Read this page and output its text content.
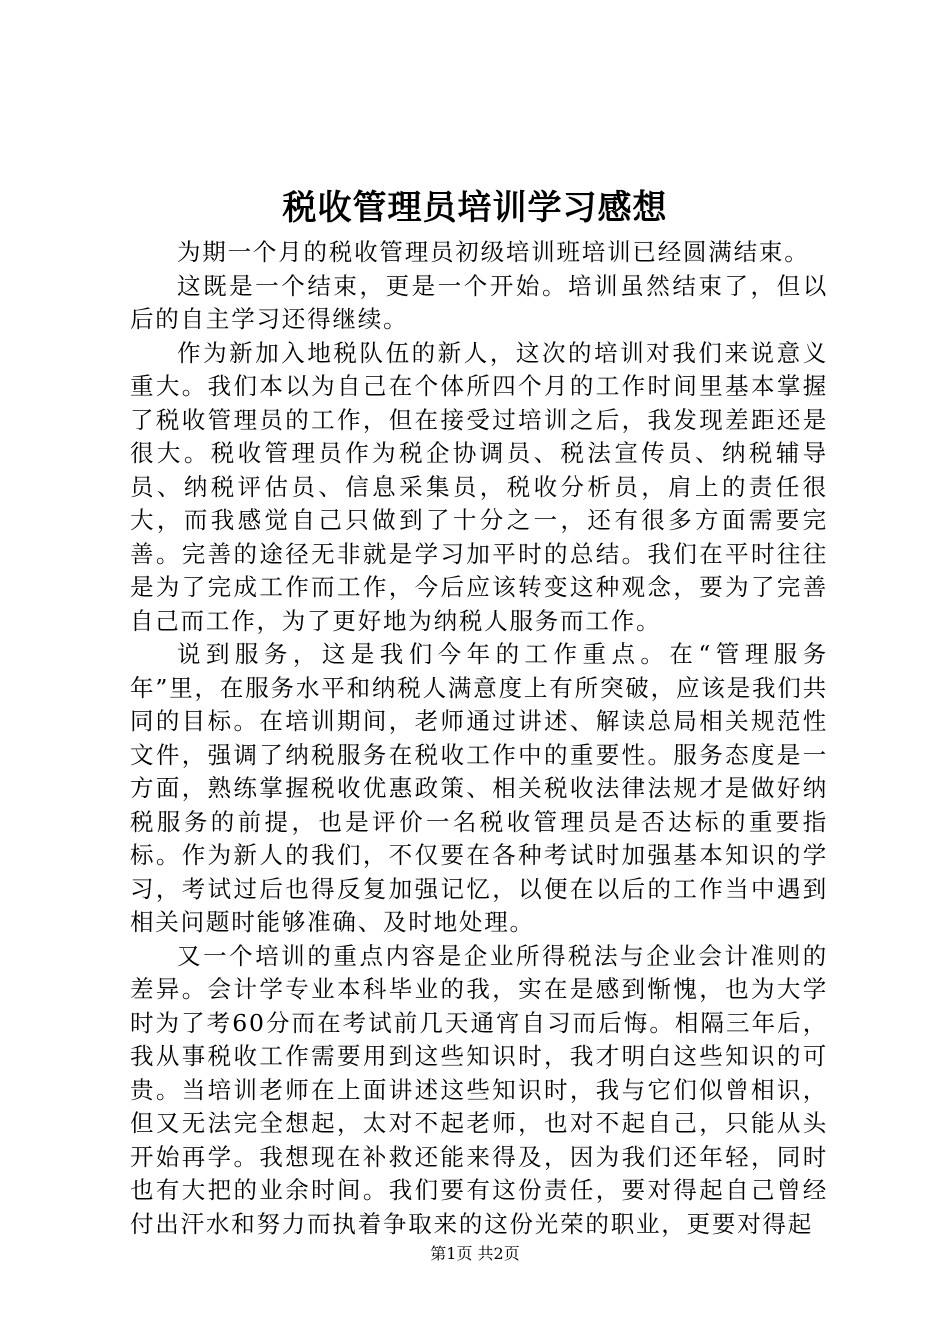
税收管理员培训学习感想

为期一个月的税收管理员初级培训班培训已经圆满结束。

这既是一个结束，更是一个开始。培训虽然结束了，但以后的自主学习还得继续。

作为新加入地税队伍的新人，这次的培训对我们来说意义重大。我们本以为自己在个体所四个月的工作时间里基本掌握了税收管理员的工作，但在接受过培训之后，我发现差距还是很大。税收管理员作为税企协调员、税法宣传员、纳税辅导员、纳税评估员、信息采集员，税收分析员，肩上的责任很大，而我感觉自己只做到了十分之一，还有很多方面需要完善。完善的途径无非就是学习加平时的总结。我们在平时往往是为了完成工作而工作，今后应该转变这种观念，要为了完善自己而工作，为了更好地为纳税人服务而工作。

说到服务，这是我们今年的工作重点。在“管理服务年”里，在服务水平和纳税人满意度上有所突破，应该是我们共同的目标。在培训期间，老师通过讲述、解读总局相关规范性文件，强调了纳税服务在税收工作中的重要性。服务态度是一方面，熟练掌握税收优惠政策、相关税收法律法规才是做好纳税服务的前提，也是评价一名税收管理员是否达标的重要指标。作为新人的我们，不仅要在各种考试时加强基本知识的学习，考试过后也得反复加强记忆，以便在以后的工作当中遇到相关问题时能够准确、及时地处理。

又一个培训的重点内容是企业所得税法与企业会计准则的差异。会计学专业本科毕业的我，实在是感到惭愧，也为大学时为了考60分而在考试前几天通宵自习而后悔。相隔三年后，我从事税收工作需要用到这些知识时，我才明白这些知识的可贵。当培训老师在上面讲述这些知识时，我与它们似曾相识，但又无法完全想起，太对不起老师，也对不起自己，只能从头开始再学。我想现在补救还能来得及，因为我们还年轻，同时也有大把的业余时间。我们要有这份责任，要对得起自己曾经付出汗水和努力而执着争取来的这份光荣的职业，更要对得起

第1页 共2页
